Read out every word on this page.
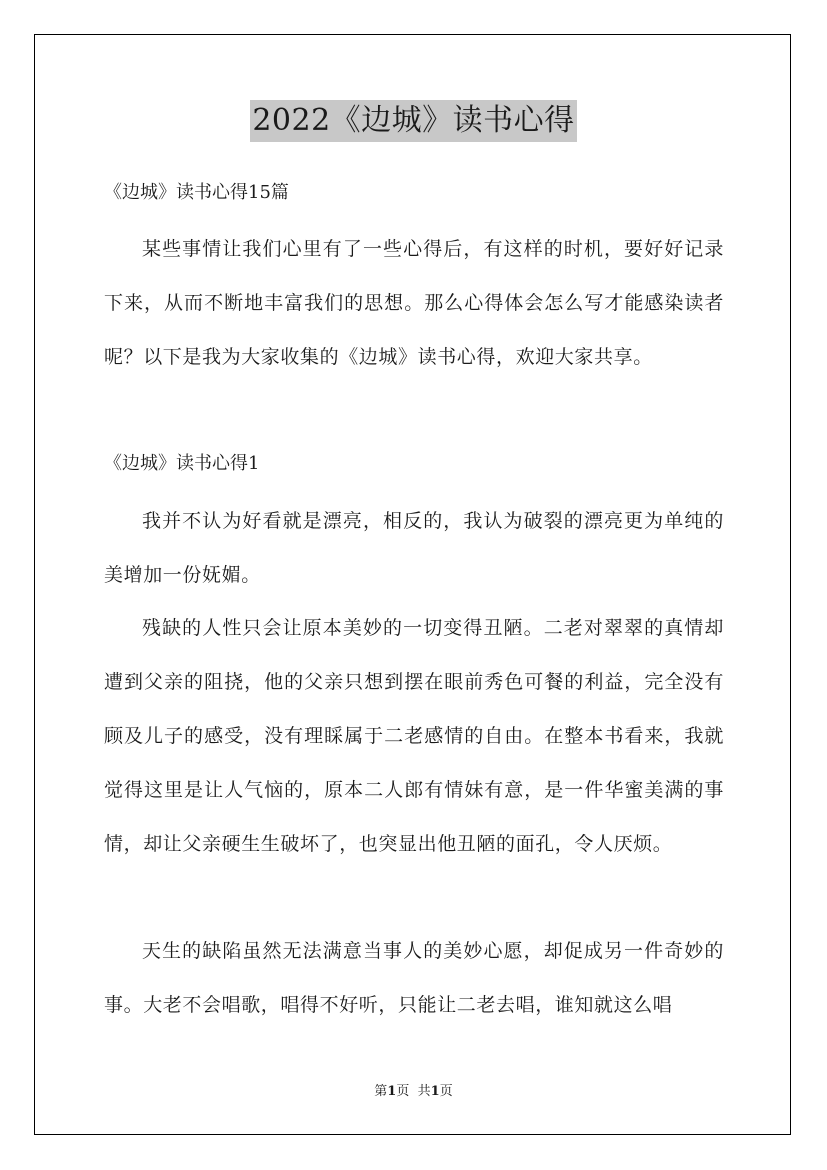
2022《边城》读书心得

《边城》读书心得15篇

某些事情让我们心里有了一些心得后，有这样的时机，要好好记录下来，从而不断地丰富我们的思想。那么心得体会怎么写才能感染读者呢？以下是我为大家收集的《边城》读书心得，欢迎大家共享。

《边城》读书心得1

我并不认为好看就是漂亮，相反的，我认为破裂的漂亮更为单纯的美增加一份妩媚。

残缺的人性只会让原本美妙的一切变得丑陋。二老对翠翠的真情却遭到父亲的阻挠，他的父亲只想到摆在眼前秀色可餐的利益，完全没有顾及儿子的感受，没有理睬属于二老感情的自由。在整本书看来，我就觉得这里是让人气恼的，原本二人郎有情妹有意，是一件华蜜美满的事情，却让父亲硬生生破坏了，也突显出他丑陋的面孔，令人厌烦。

天生的缺陷虽然无法满意当事人的美妙心愿，却促成另一件奇妙的事。大老不会唱歌，唱得不好听，只能让二老去唱，谁知就这么唱

第1页 共1页
